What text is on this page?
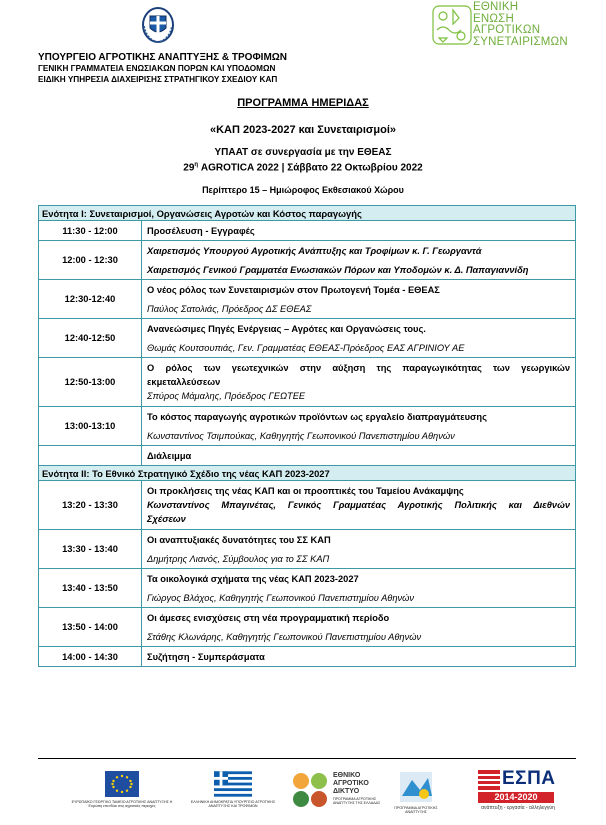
ΕΘΝΙΚΗ
ΕΝΩΣΗ
ΑΓΡΟΤΙΚΩΝ
ΣΥΝΕΤΑΙΡΙΣΜΩΝ
ΥΠΟΥΡΓΕΙΟ ΑΓΡΟΤΙΚΗΣ ΑΝΑΠΤΥΞΗΣ & ΤΡΟΦΙΜΩΝ
ΓΕΝΙΚΗ ΓΡΑΜΜΑΤΕΙΑ ΕΝΩΣΙΑΚΩΝ ΠΟΡΩΝ ΚΑΙ ΥΠΟΔΟΜΩΝ
ΕΙΔΙΚΗ ΥΠΗΡΕΣΙΑ ΔΙΑΧΕΙΡΙΣΗΣ ΣΤΡΑΤΗΓΙΚΟΥ ΣΧΕΔΙΟΥ ΚΑΠ
ΠΡΟΓΡΑΜΜΑ ΗΜΕΡΙΔΑΣ
«ΚΑΠ 2023-2027 και Συνεταιρισμοί»
ΥΠΑΑΤ σε συνεργασία με την ΕΘΕΑΣ
$29^\eta$ AGROTICA 2022 | Σάββατο 22 Οκτωβρίου 2022
Περίπτερο 15 – Ημιώροφος Εκθεσιακού Χώρου
Ενότητα Ι: Συνεταιρισμοί, Οργανώσεις Αγροτών και Κόστος παραγωγής
11:30 - 12:00	Προσέλευση - Εγγραφές
12:00 - 12:30
Χαιρετισμός Υπουργού Αγροτικής Ανάπτυξης και Τροφίμων κ. Γ. Γεωργαντά
Χαιρετισμός Γενικού Γραμματέα Ενωσιακών Πόρων και Υποδομών κ. Δ. Παπαγιαννίδη
12:30-12:40
Ο νέος ρόλος των Συνεταιρισμών στον Πρωτογενή Τομέα - ΕΘΕΑΣ
Παύλος Σατολιάς, Πρόεδρος ΔΣ ΕΘΕΑΣ
12:40-12:50
Ανανεώσιμες Πηγές Ενέργειας – Αγρότες και Οργανώσεις τους.
Θωμάς Κουτσουπιάς, Γεν. Γραμματέας ΕΘΕΑΣ-Πρόεδρος ΕΑΣ ΑΓΡΙΝΙΟΥ ΑΕ
12:50-13:00
Ο ρόλος των γεωτεχνικών στην αύξηση της παραγωγικότητας των γεωργικών
εκμεταλλεύσεων
Σπύρος Μάμαλης, Πρόεδρος ΓΕΩΤΕΕ
13:00-13:10
Το κόστος παραγωγής αγροτικών προϊόντων ως εργαλείο διαπραγμάτευσης
Κωνσταντίνος Τσιμπούκας, Καθηγητής Γεωπονικού Πανεπιστημίου Αθηνών
Διάλειμμα
Ενότητα ΙΙ: Το Εθνικό Στρατηγικό Σχέδιο της νέας ΚΑΠ 2023-2027
13:20 - 13:30
Οι προκλήσεις της νέας ΚΑΠ και οι προοπτικές του Ταμείου Ανάκαμψης
Κωνσταντίνος Μπαγινέτας, Γενικός Γραμματέας Αγροτικής Πολιτικής και Διεθνών
Σχέσεων
13:30 - 13:40
Οι αναπτυξιακές δυνατότητες του ΣΣ ΚΑΠ
Δημήτρης Λιανός, Σύμβουλος για το ΣΣ ΚΑΠ
13:40 - 13:50
Τα οικολογικά σχήματα της νέας ΚΑΠ 2023-2027
Γιώργος Βλάχος, Καθηγητής Γεωπονικού Πανεπιστημίου Αθηνών
13:50 - 14:00
Οι άμεσες ενισχύσεις στη νέα προγραμματική περίοδο
Στάθης Κλωνάρης, Καθηγητής Γεωπονικού Πανεπιστημίου Αθηνών
14:00 - 14:30	Συζήτηση - Συμπεράσματα
ΕΥΡΩΠΑΪΚΟ ΓΕΩΡΓΙΚΟ ΤΑΜΕΙΟ ΑΓΡΟΤΙΚΗΣ ΑΝΑΠΤΥΞΗΣ Η Ευρώπη επενδύει στις αγροτικές περιοχές
ΕΛΛΗΝΙΚΗ ΔΗΜΟΚΡΑΤΙΑ ΥΠΟΥΡΓΕΙΟ ΑΓΡΟΤΙΚΗΣ ΑΝΑΠΤΥΞΗΣ ΚΑΙ ΤΡΟΦΙΜΩΝ
ΕΘΝΙΚΟ
ΑΓΡΟΤΙΚΟ
ΔΙΚΤΥΟ
ΠΡΟΓΡΑΜΜΑ ΑΓΡΟΤΙΚΗΣ ΑΝΑΠΤΥΞΗΣ ΤΗΣ ΕΛΛΑΔΑΣ
ΠΡΟΓΡΑΜΜΑ ΑΓΡΟΤΙΚΗΣ ΑΝΑΠΤΥΞΗΣ
ΕΣΠΑ
2014-2020
ανάπτυξη - εργασία - αλληλεγγύη
